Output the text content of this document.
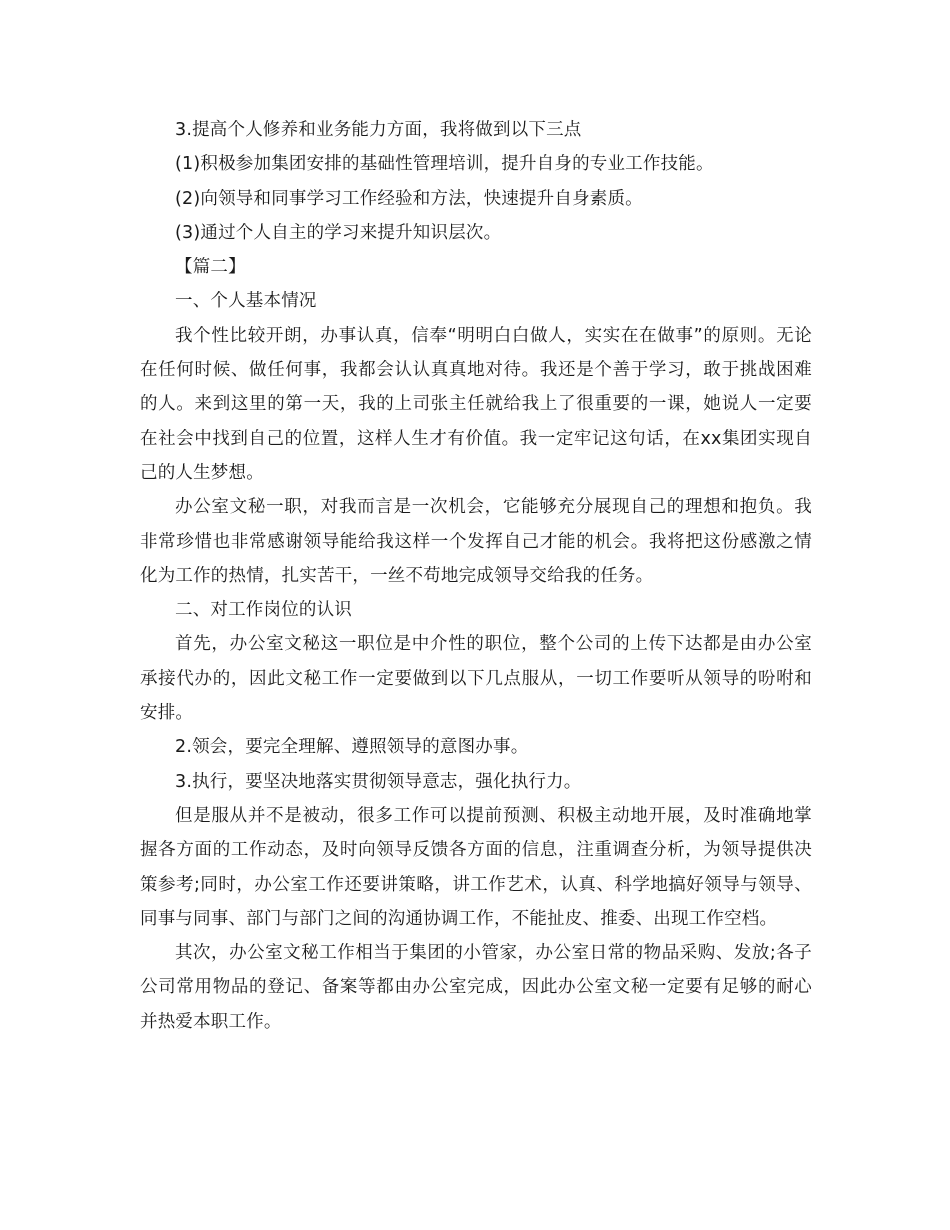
3.提高个人修养和业务能力方面，我将做到以下三点

(1)积极参加集团安排的基础性管理培训，提升自身的专业工作技能。

(2)向领导和同事学习工作经验和方法，快速提升自身素质。

(3)通过个人自主的学习来提升知识层次。

【篇二】

一、个人基本情况

我个性比较开朗，办事认真，信奉“明明白白做人，实实在在做事”的原则。无论在任何时候、做任何事，我都会认认真真地对待。我还是个善于学习，敢于挑战困难的人。来到这里的第一天，我的上司张主任就给我上了很重要的一课，她说人一定要在社会中找到自己的位置，这样人生才有价值。我一定牢记这句话，在xx集团实现自己的人生梦想。

办公室文秘一职，对我而言是一次机会，它能够充分展现自己的理想和抱负。我非常珍惜也非常感谢领导能给我这样一个发挥自己才能的机会。我将把这份感激之情化为工作的热情，扎实苦干，一丝不苟地完成领导交给我的任务。

二、对工作岗位的认识

首先，办公室文秘这一职位是中介性的职位，整个公司的上传下达都是由办公室承接代办的，因此文秘工作一定要做到以下几点服从，一切工作要听从领导的吩咐和安排。

2.领会，要完全理解、遵照领导的意图办事。

3.执行，要坚决地落实贯彻领导意志，强化执行力。

但是服从并不是被动，很多工作可以提前预测、积极主动地开展，及时准确地掌握各方面的工作动态，及时向领导反馈各方面的信息，注重调查分析，为领导提供决策参考;同时，办公室工作还要讲策略，讲工作艺术，认真、科学地搞好领导与领导、同事与同事、部门与部门之间的沟通协调工作，不能扯皮、推委、出现工作空档。

其次，办公室文秘工作相当于集团的小管家，办公室日常的物品采购、发放;各子公司常用物品的登记、备案等都由办公室完成，因此办公室文秘一定要有足够的耐心并热爱本职工作。
